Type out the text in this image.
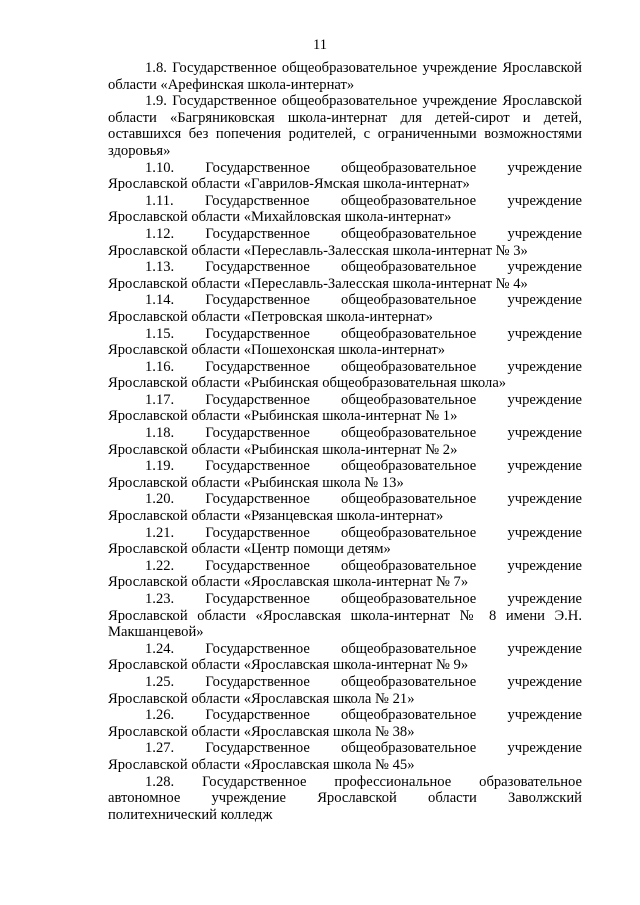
11

1.8. Государственное общеобразовательное учреждение Ярославской области «Арефинская школа-интернат»

1.9. Государственное общеобразовательное учреждение Ярославской области «Багряниковская школа-интернат для детей-сирот и детей, оставшихся без попечения родителей, с ограниченными возможностями здоровья»

1.10. Государственное общеобразовательное учреждение Ярославской области «Гаврилов-Ямская школа-интернат»

1.11. Государственное общеобразовательное учреждение Ярославской области «Михайловская школа-интернат»

1.12. Государственное общеобразовательное учреждение Ярославской области «Переславль-Залесская школа-интернат № 3»

1.13. Государственное общеобразовательное учреждение Ярославской области «Переславль-Залесская школа-интернат № 4»

1.14. Государственное общеобразовательное учреждение Ярославской области «Петровская школа-интернат»

1.15. Государственное общеобразовательное учреждение Ярославской области «Пошехонская школа-интернат»

1.16. Государственное общеобразовательное учреждение Ярославской области «Рыбинская общеобразовательная школа»

1.17. Государственное общеобразовательное учреждение Ярославской области «Рыбинская школа-интернат № 1»

1.18. Государственное общеобразовательное учреждение Ярославской области «Рыбинская школа-интернат № 2»

1.19. Государственное общеобразовательное учреждение Ярославской области «Рыбинская школа № 13»

1.20. Государственное общеобразовательное учреждение Ярославской области «Рязанцевская школа-интернат»

1.21. Государственное общеобразовательное учреждение Ярославской области «Центр помощи детям»

1.22. Государственное общеобразовательное учреждение Ярославской области «Ярославская школа-интернат № 7»

1.23. Государственное общеобразовательное учреждение Ярославской области «Ярославская школа-интернат № 8 имени Э.Н. Макшанцевой»

1.24. Государственное общеобразовательное учреждение Ярославской области «Ярославская школа-интернат № 9»

1.25. Государственное общеобразовательное учреждение Ярославской области «Ярославская школа № 21»

1.26. Государственное общеобразовательное учреждение Ярославской области «Ярославская школа № 38»

1.27. Государственное общеобразовательное учреждение Ярославской области «Ярославская школа № 45»

1.28. Государственное профессиональное образовательное автономное учреждение Ярославской области Заволжский политехнический колледж
